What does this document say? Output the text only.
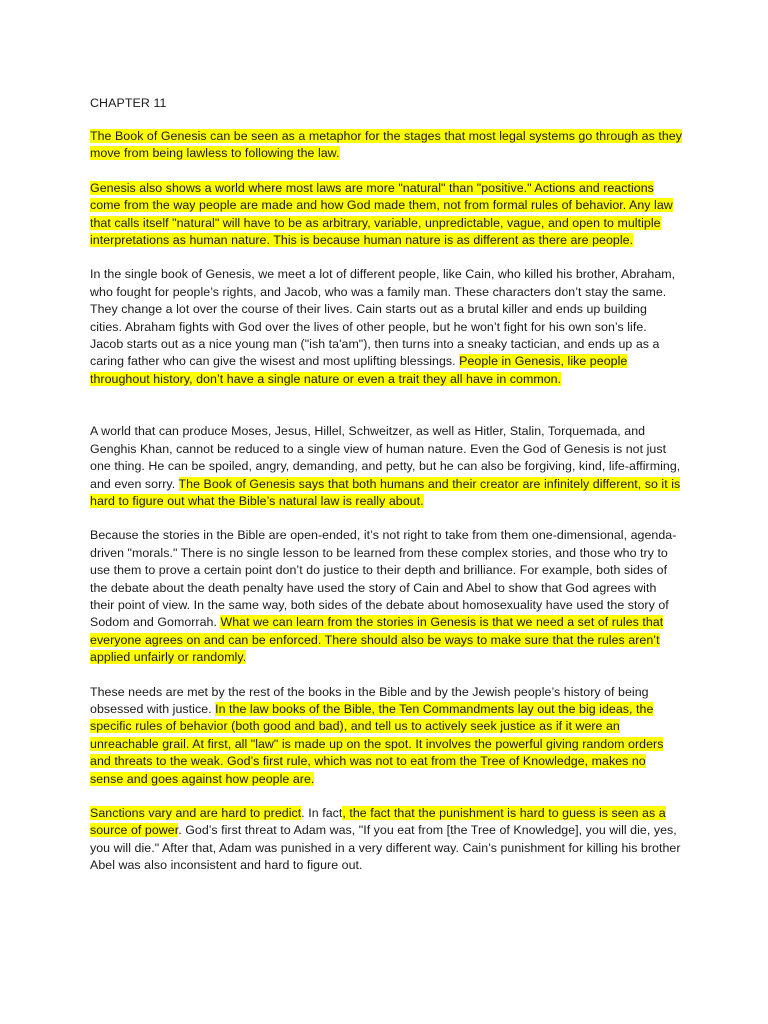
CHAPTER 11

The Book of Genesis can be seen as a metaphor for the stages that most legal systems go through as they move from being lawless to following the law.

Genesis also shows a world where most laws are more "natural" than "positive." Actions and reactions come from the way people are made and how God made them, not from formal rules of behavior. Any law that calls itself "natural" will have to be as arbitrary, variable, unpredictable, vague, and open to multiple interpretations as human nature. This is because human nature is as different as there are people.

In the single book of Genesis, we meet a lot of different people, like Cain, who killed his brother, Abraham, who fought for people’s rights, and Jacob, who was a family man. These characters don’t stay the same. They change a lot over the course of their lives. Cain starts out as a brutal killer and ends up building cities. Abraham fights with God over the lives of other people, but he won’t fight for his own son’s life. Jacob starts out as a nice young man ("ish ta'am"), then turns into a sneaky tactician, and ends up as a caring father who can give the wisest and most uplifting blessings. People in Genesis, like people throughout history, don’t have a single nature or even a trait they all have in common.

A world that can produce Moses, Jesus, Hillel, Schweitzer, as well as Hitler, Stalin, Torquemada, and Genghis Khan, cannot be reduced to a single view of human nature. Even the God of Genesis is not just one thing. He can be spoiled, angry, demanding, and petty, but he can also be forgiving, kind, life-affirming, and even sorry. The Book of Genesis says that both humans and their creator are infinitely different, so it is hard to figure out what the Bible’s natural law is really about.

Because the stories in the Bible are open-ended, it’s not right to take from them one-dimensional, agenda-driven "morals." There is no single lesson to be learned from these complex stories, and those who try to use them to prove a certain point don’t do justice to their depth and brilliance. For example, both sides of the debate about the death penalty have used the story of Cain and Abel to show that God agrees with their point of view. In the same way, both sides of the debate about homosexuality have used the story of Sodom and Gomorrah. What we can learn from the stories in Genesis is that we need a set of rules that everyone agrees on and can be enforced. There should also be ways to make sure that the rules aren’t applied unfairly or randomly.

These needs are met by the rest of the books in the Bible and by the Jewish people’s history of being obsessed with justice. In the law books of the Bible, the Ten Commandments lay out the big ideas, the specific rules of behavior (both good and bad), and tell us to actively seek justice as if it were an unreachable grail. At first, all "law" is made up on the spot. It involves the powerful giving random orders and threats to the weak. God’s first rule, which was not to eat from the Tree of Knowledge, makes no sense and goes against how people are.

Sanctions vary and are hard to predict. In fact, the fact that the punishment is hard to guess is seen as a source of power. God’s first threat to Adam was, "If you eat from [the Tree of Knowledge], you will die, yes, you will die." After that, Adam was punished in a very different way. Cain’s punishment for killing his brother Abel was also inconsistent and hard to figure out.
